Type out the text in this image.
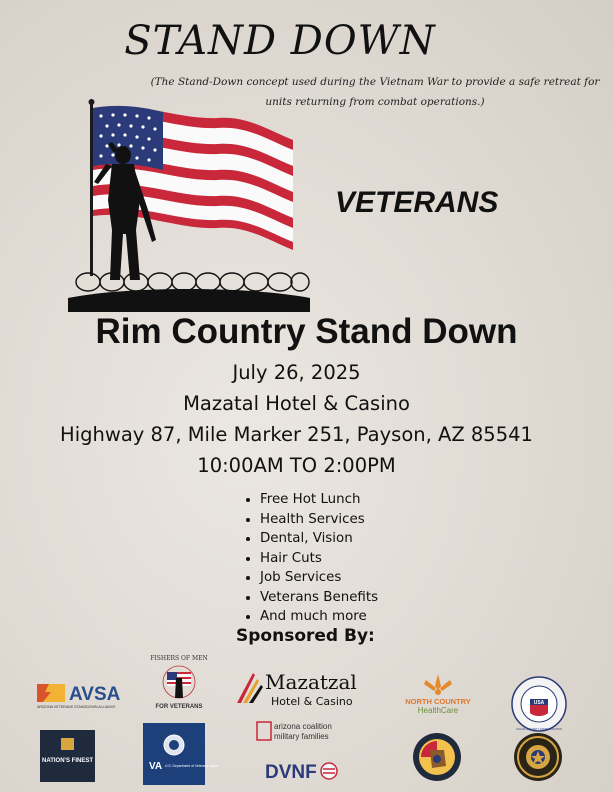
STAND DOWN
(The Stand-Down concept used during the Vietnam War to provide a safe retreat for units returning from combat operations.)
VETERANS
Rim Country Stand Down
July 26, 2025
Mazatal Hotel & Casino
Highway 87, Mile Marker 251, Payson, AZ 85541
10:00AM TO 2:00PM
• Free Hot Lunch
• Health Services
• Dental, Vision
• Hair Cuts
• Job Services
• Veterans Benefits
• And much more
Sponsored By:
AVSA
ARIZONA VETERANS STANDDOWN ALLIANCE
FISHERS OF MEN
FOR VETERANS
Mazatzal
Hotel & Casino	NORTH COUNTRY
HealthCare
USA
SOCIAL SECURITY ADMINISTRATION
NATION'S FINEST	VA U.S. Department of Veterans Affairs
arizona coalition
military families
DVNF
